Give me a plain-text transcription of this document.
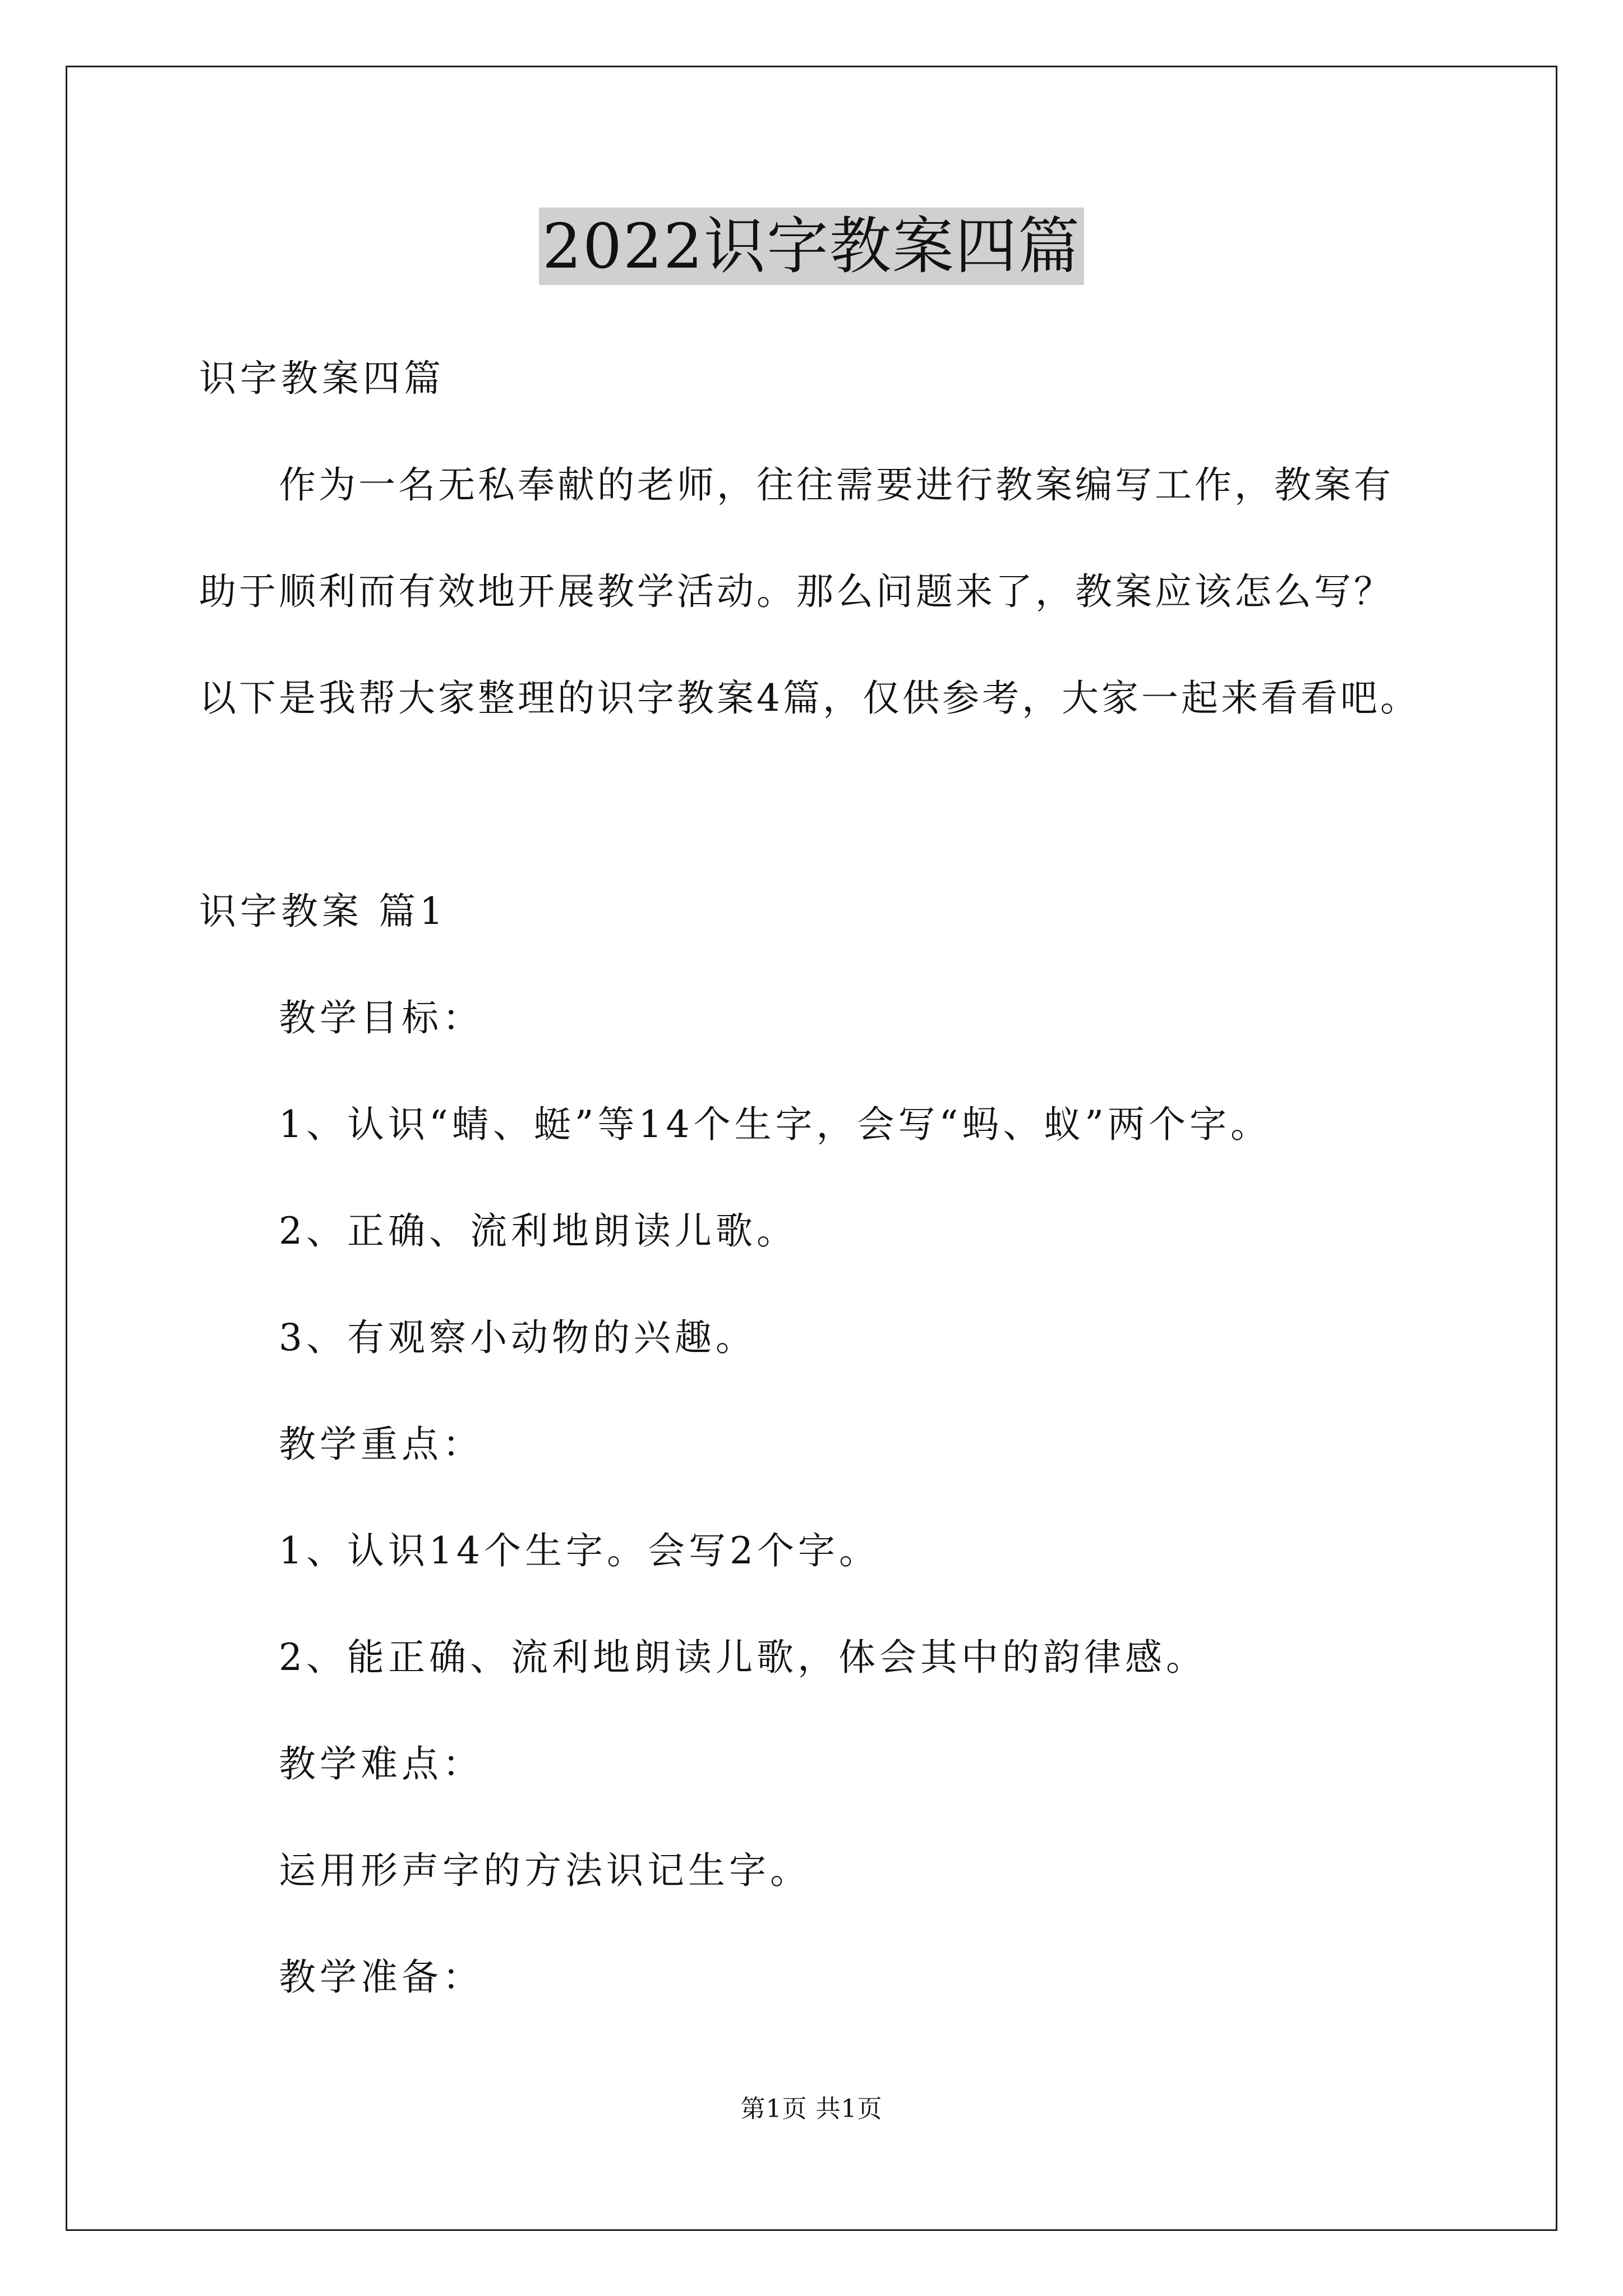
2022识字教案四篇
识字教案四篇
作为一名无私奉献的老师，往往需要进行教案编写工作，教案有
助于顺利而有效地开展教学活动。那么问题来了，教案应该怎么写？
以下是我帮大家整理的识字教案4篇，仅供参考，大家一起来看看吧。
识字教案 篇1
教学目标：
1、认识“蜻、蜓”等14个生字，会写“蚂、蚁”两个字。
2、正确、流利地朗读儿歌。
3、有观察小动物的兴趣。
教学重点：
1、认识14个生字。会写2个字。
2、能正确、流利地朗读儿歌，体会其中的韵律感。
教学难点：
运用形声字的方法识记生字。
教学准备：
第1页 共1页
